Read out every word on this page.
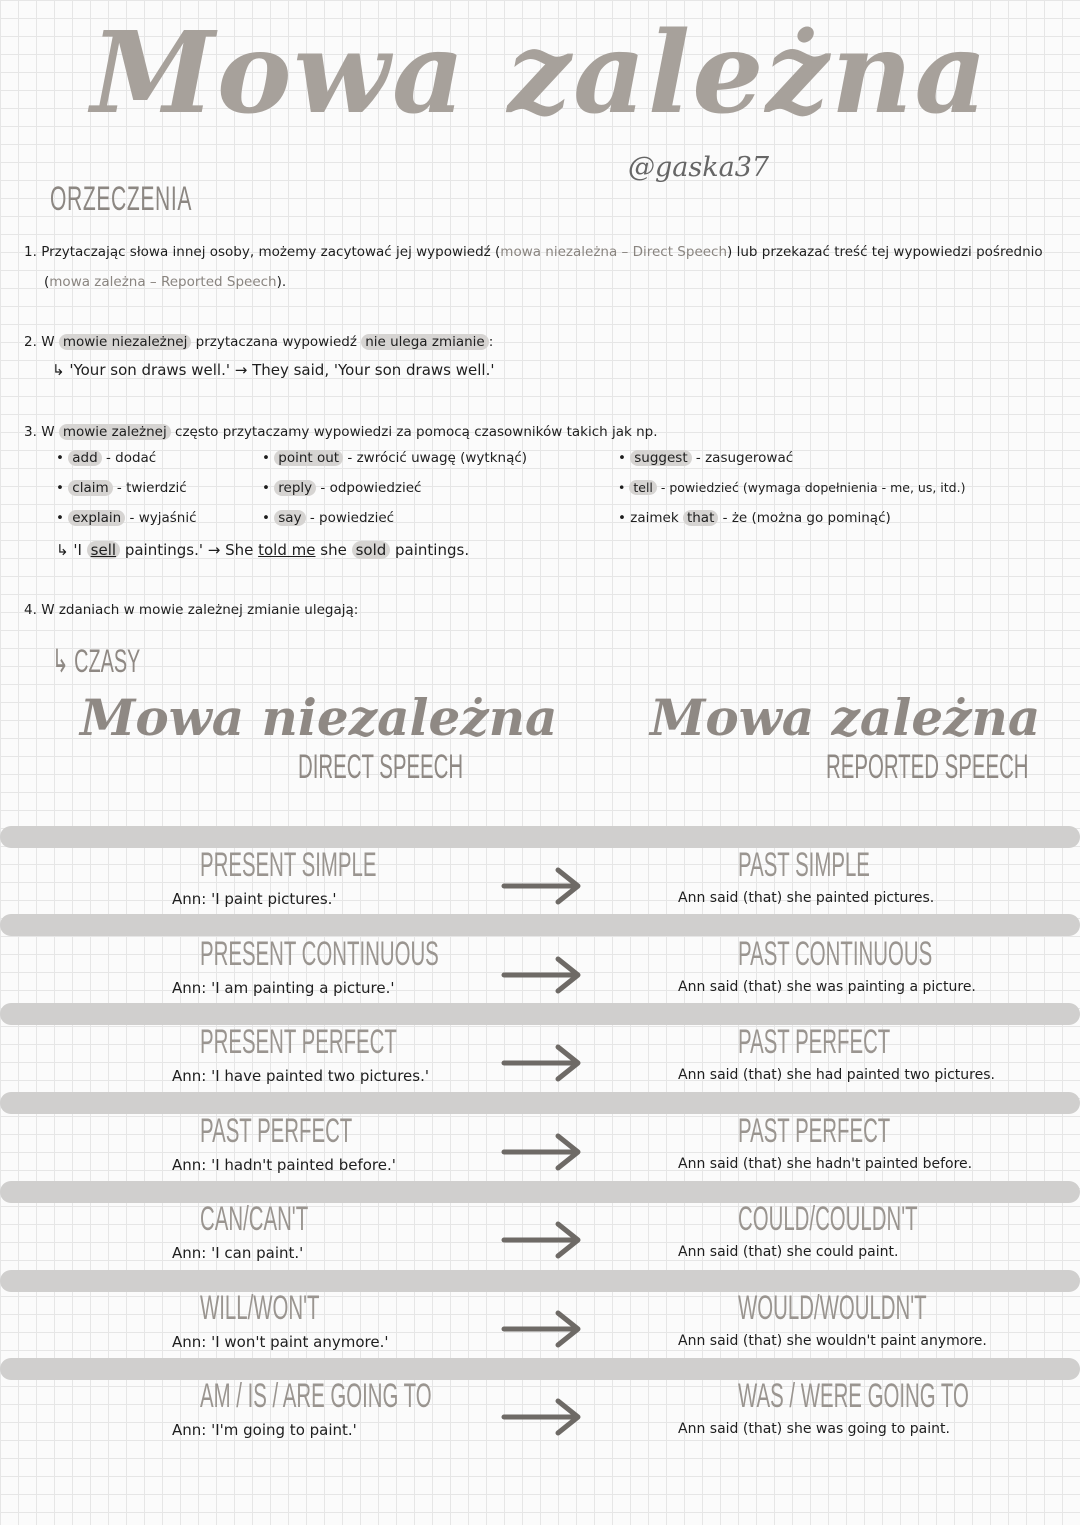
Mowa zależna
@gaska37
ORZECZENIA
1. Przytaczając słowa innej osoby, możemy zacytować jej wypowiedź (mowa niezależna – Direct Speech) lub przekazać treść tej wypowiedzi pośrednio
(mowa zależna – Reported Speech).
2. W mowie niezależnej przytaczana wypowiedź nie ulega zmianie :
↳ 'Your son draws well.' → They said, 'Your son draws well.'
3. W mowie zależnej często przytaczamy wypowiedzi za pomocą czasowników takich jak np.
• add - dodać
• claim - twierdzić
• explain - wyjaśnić
• point out - zwrócić uwagę (wytknąć)
• reply - odpowiedzieć
• say - powiedzieć
• suggest - zasugerować
• tell - powiedzieć (wymaga dopełnienia - me, us, itd.)
• zaimek that - że (można go pominąć)
↳ 'I sell paintings.' → She told me she sold paintings.
4. W zdaniach w mowie zależnej zmianie ulegają:
↳ CZASY
Mowa niezależna
DIRECT SPEECH
Mowa zależna
REPORTED SPEECH
PRESENT SIMPLE
Ann: 'I paint pictures.'
PAST SIMPLE
Ann said (that) she painted pictures.
PRESENT CONTINUOUS
Ann: 'I am painting a picture.'
PAST CONTINUOUS
Ann said (that) she was painting a picture.
PRESENT PERFECT
Ann: 'I have painted two pictures.'
PAST PERFECT
Ann said (that) she had painted two pictures.
PAST PERFECT
Ann: 'I hadn't painted before.'
PAST PERFECT
Ann said (that) she hadn't painted before.
CAN/CAN'T
Ann: 'I can paint.'
COULD/COULDN'T
Ann said (that) she could paint.
WILL/WON'T
Ann: 'I won't paint anymore.'
WOULD/WOULDN'T
Ann said (that) she wouldn't paint anymore.
AM / IS / ARE GOING TO
Ann: 'I'm going to paint.'
WAS / WERE GOING TO
Ann said (that) she was going to paint.
